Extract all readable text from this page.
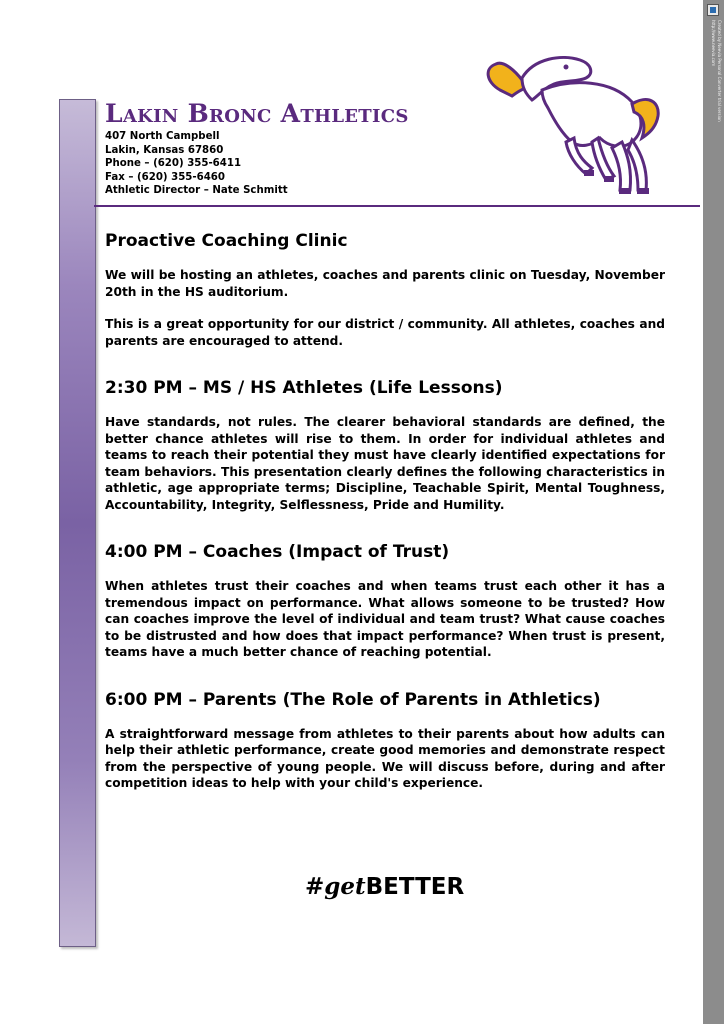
Created by Neevia Personal Converter trial version
http://www.neevia.com
Lakin Bronc Athletics
407 North Campbell
Lakin, Kansas 67860
Phone – (620) 355-6411
Fax – (620) 355-6460
Athletic Director – Nate Schmitt
Proactive Coaching Clinic

We will be hosting an athletes, coaches and parents clinic on Tuesday, November 20th in the HS auditorium.

This is a great opportunity for our district / community. All athletes, coaches and parents are encouraged to attend.

2:30 PM – MS / HS Athletes (Life Lessons)

Have standards, not rules. The clearer behavioral standards are defined, the better chance athletes will rise to them. In order for individual athletes and teams to reach their potential they must have clearly identified expectations for team behaviors. This presentation clearly defines the following characteristics in athletic, age appropriate terms; Discipline, Teachable Spirit, Mental Toughness, Accountability, Integrity, Selflessness, Pride and Humility.

4:00 PM – Coaches (Impact of Trust)

When athletes trust their coaches and when teams trust each other it has a tremendous impact on performance. What allows someone to be trusted? How can coaches improve the level of individual and team trust? What cause coaches to be distrusted and how does that impact performance? When trust is present, teams have a much better chance of reaching potential.

6:00 PM – Parents (The Role of Parents in Athletics)

A straightforward message from athletes to their parents about how adults can help their athletic performance, create good memories and demonstrate respect from the perspective of young people. We will discuss before, during and after competition ideas to help with your child's experience.

#getBETTER
